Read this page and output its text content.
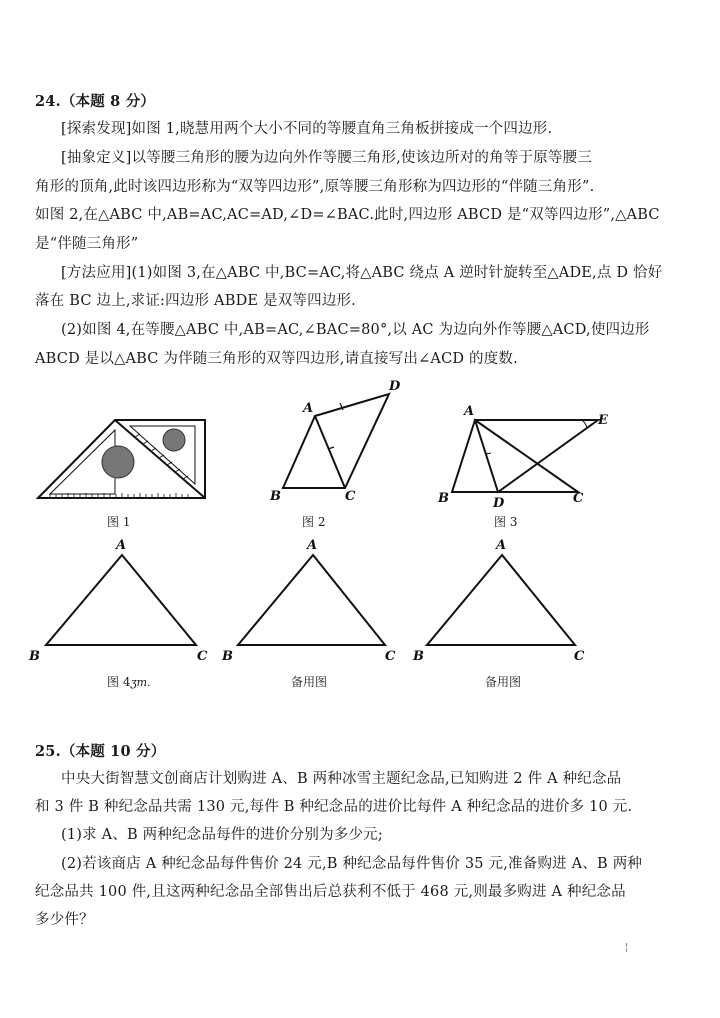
24.（本题 8 分）
[探索发现]如图 1,晓慧用两个大小不同的等腰直角三角板拼接成一个四边形.
[抽象定义]以等腰三角形的腰为边向外作等腰三角形,使该边所对的角等于原等腰三
角形的顶角,此时该四边形称为“双等四边形”,原等腰三角形称为四边形的“伴随三角形”.
如图 2,在△ABC 中,AB=AC,AC=AD,∠D=∠BAC.此时,四边形 ABCD 是“双等四边形”,△ABC
是“伴随三角形”
[方法应用](1)如图 3,在△ABC 中,BC=AC,将△ABC 绕点 A 逆时针旋转至△ADE,点 D 恰好
落在 BC 边上,求证:四边形 ABDE 是双等四边形.
(2)如图 4,在等腰△ABC 中,AB=AC,∠BAC=80°,以 AC 为边向外作等腰△ACD,使四边形
ABCD 是以△ABC 为伴随三角形的双等四边形,请直接写出∠ACD 的度数.
图 1
A
D
B	C
图 2
A
E
B	D	C
图 3
A
B	C
图 4ʒm.
A
B	C
备用图
A
B	C
备用图
25.（本题 10 分）
中央大街智慧文创商店计划购进 A、B 两种冰雪主题纪念品,已知购进 2 件 A 种纪念品
和 3 件 B 种纪念品共需 130 元,每件 B 种纪念品的进价比每件 A 种纪念品的进价多 10 元.
(1)求 A、B 两种纪念品每件的进价分别为多少元;
(2)若该商店 A 种纪念品每件售价 24 元,B 种纪念品每件售价 35 元,准备购进 A、B 两种
纪念品共 100 件,且这两种纪念品全部售出后总获利不低于 468 元,则最多购进 A 种纪念品
多少件？
¦
